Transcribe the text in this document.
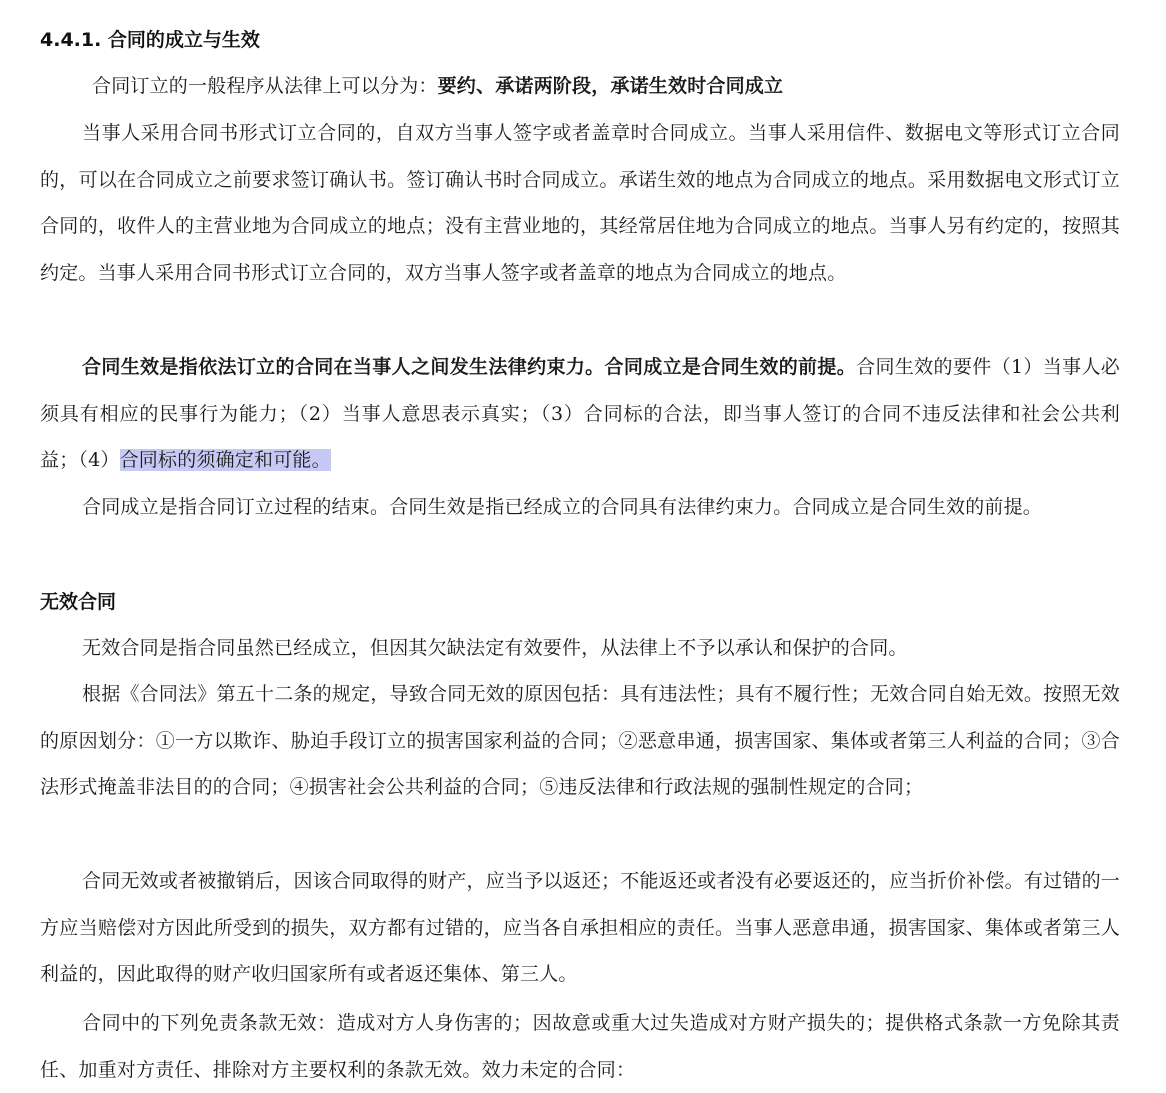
4.4.1. 合同的成立与生效

合同订立的一般程序从法律上可以分为：要约、承诺两阶段，承诺生效时合同成立

当事人采用合同书形式订立合同的，自双方当事人签字或者盖章时合同成立。当事人采用信件、数据电文等形式订立合同的，可以在合同成立之前要求签订确认书。签订确认书时合同成立。承诺生效的地点为合同成立的地点。采用数据电文形式订立合同的，收件人的主营业地为合同成立的地点；没有主营业地的，其经常居住地为合同成立的地点。当事人另有约定的，按照其约定。当事人采用合同书形式订立合同的，双方当事人签字或者盖章的地点为合同成立的地点。

合同生效是指依法订立的合同在当事人之间发生法律约束力。合同成立是合同生效的前提。合同生效的要件（1）当事人必须具有相应的民事行为能力；（2）当事人意思表示真实；（3）合同标的合法，即当事人签订的合同不违反法律和社会公共利益；（4）合同标的须确定和可能。

合同成立是指合同订立过程的结束。合同生效是指已经成立的合同具有法律约束力。合同成立是合同生效的前提。

无效合同

无效合同是指合同虽然已经成立，但因其欠缺法定有效要件，从法律上不予以承认和保护的合同。

根据《合同法》第五十二条的规定，导致合同无效的原因包括：具有违法性；具有不履行性；无效合同自始无效。按照无效的原因划分：①一方以欺诈、胁迫手段订立的损害国家利益的合同；②恶意串通，损害国家、集体或者第三人利益的合同；③合法形式掩盖非法目的的合同；④损害社会公共利益的合同；⑤违反法律和行政法规的强制性规定的合同；

合同无效或者被撤销后，因该合同取得的财产，应当予以返还；不能返还或者没有必要返还的，应当折价补偿。有过错的一方应当赔偿对方因此所受到的损失，双方都有过错的，应当各自承担相应的责任。当事人恶意串通，损害国家、集体或者第三人利益的，因此取得的财产收归国家所有或者返还集体、第三人。

合同中的下列免责条款无效：造成对方人身伤害的；因故意或重大过失造成对方财产损失的；提供格式条款一方免除其责任、加重对方责任、排除对方主要权利的条款无效。效力未定的合同：
